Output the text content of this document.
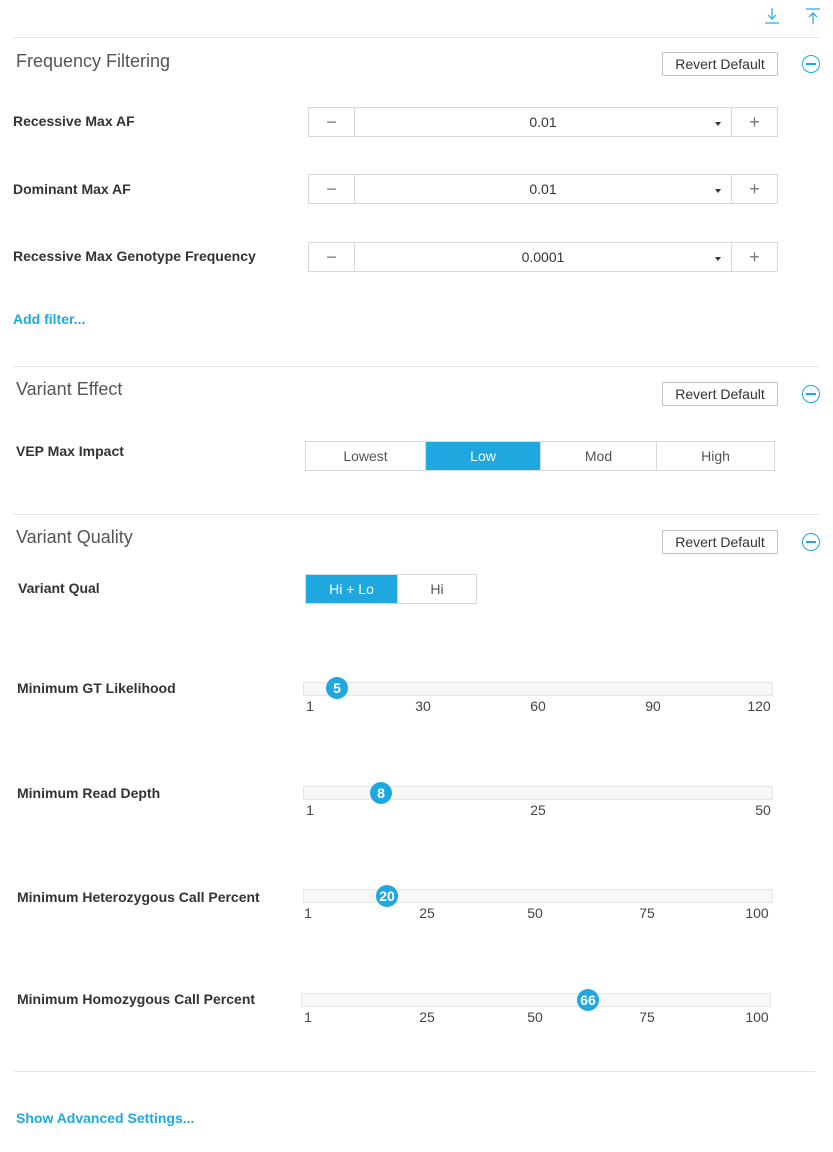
Frequency Filtering	Revert Default
Recessive Max AF	−	0.01	+
Dominant Max AF	−	0.01	+
Recessive Max Genotype Frequency	−	0.0001	+
Add filter...
Variant Effect	Revert Default
VEP Max Impact	Lowest	Low	Mod	High
Variant Quality	Revert Default
Variant Qual	Hi + Lo	Hi
Minimum GT Likelihood	5
1	30	60	90	120
Minimum Read Depth	8
1	25	50
Minimum Heterozygous Call Percent	20
1	25	50	75	100
Minimum Homozygous Call Percent	66
1	25	50	75	100
Show Advanced Settings...
